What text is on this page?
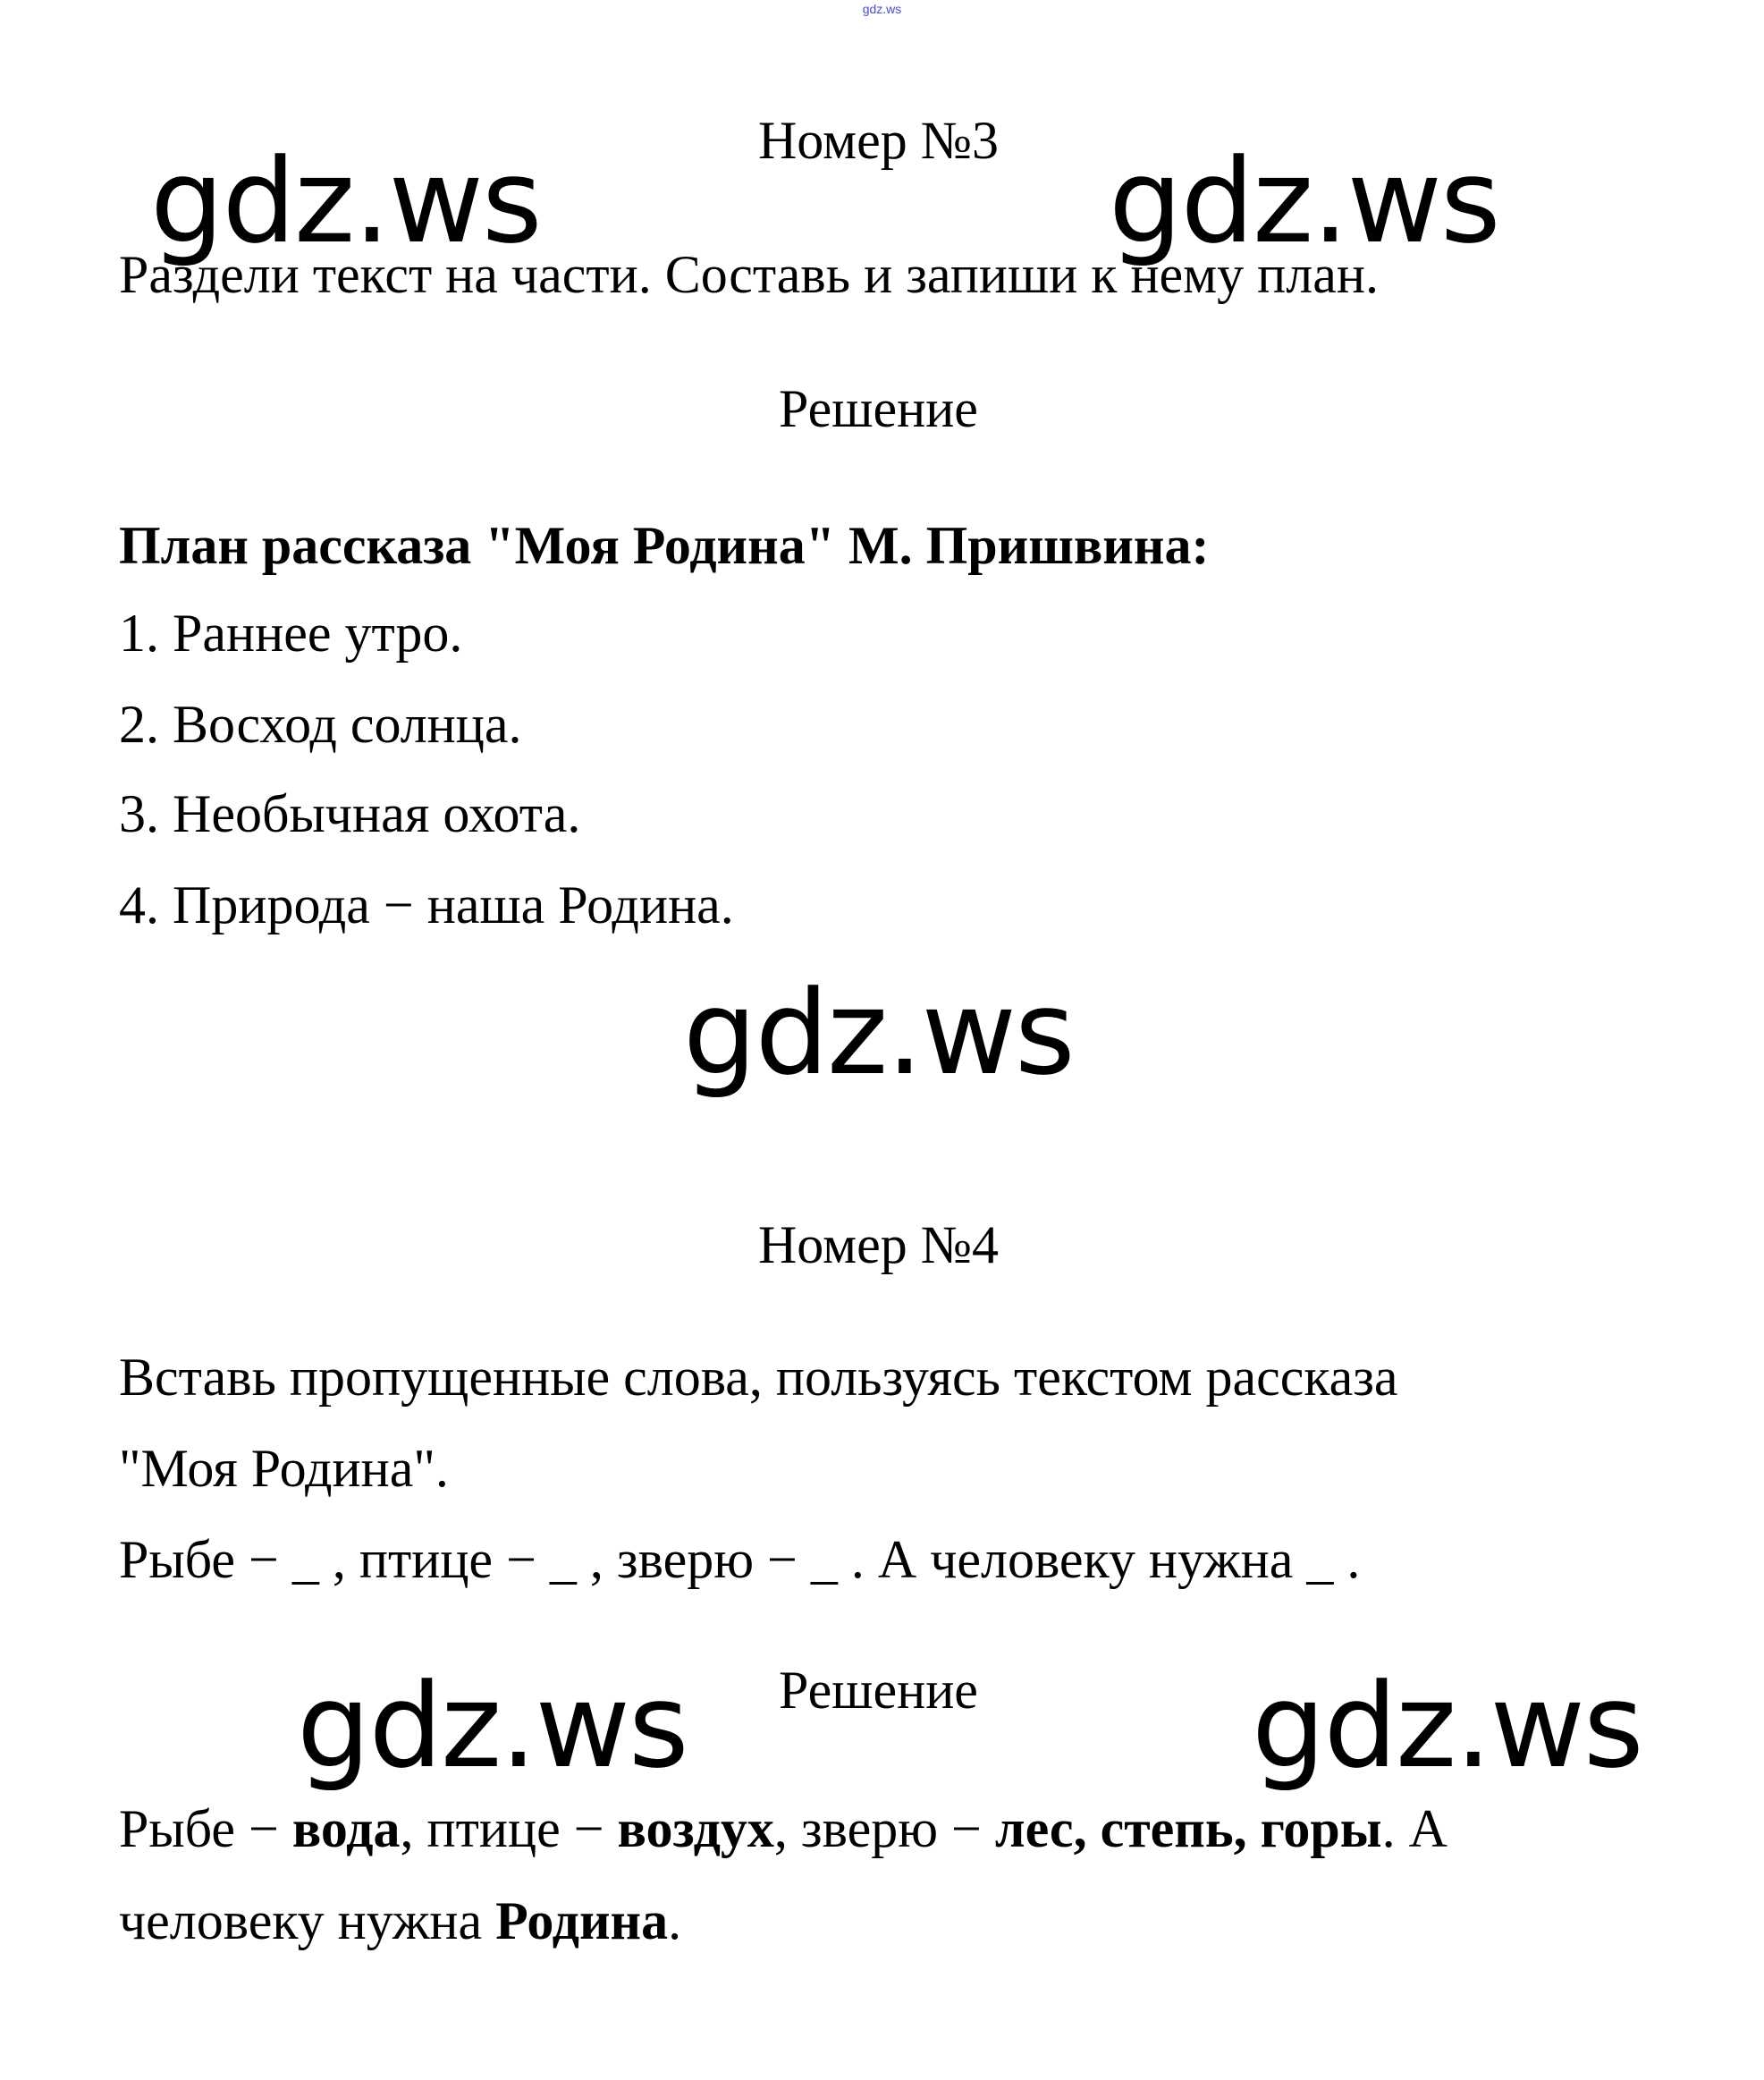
gdz.ws
Номер №3
gdz.ws	gdz.ws
Раздели текст на части. Составь и запиши к нему план.
Решение
План рассказа "Моя Родина" М. Пришвина:
1. Раннее утро.
2. Восход солнца.
3. Необычная охота.
4. Природа − наша Родина.
gdz.ws
Номер №4
Вставь пропущенные слова, пользуясь текстом рассказа
"Моя Родина".
Рыбе − _ , птице − _ , зверю − _ . А человеку нужна _ .
Решение
gdz.ws	gdz.ws
Рыбе − вода, птице − воздух, зверю − лес, степь, горы. А
человеку нужна Родина.
